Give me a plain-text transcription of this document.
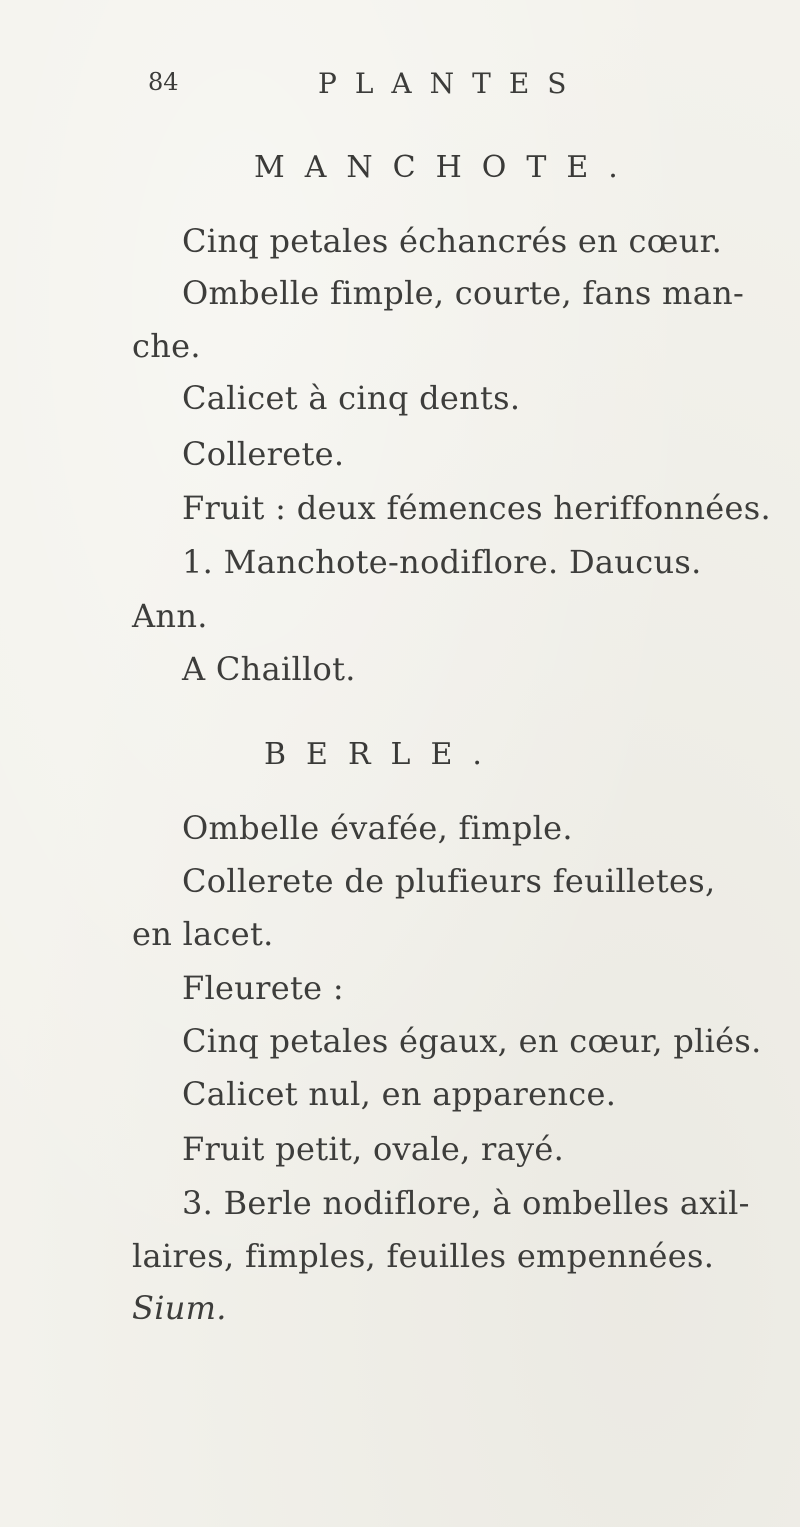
84	PLANTES
MANCHOTE.
Cinq petales échancrés en cœur.
Ombelle fimple, courte, fans man-
che.
Calicet à cinq dents.
Collerete.
Fruit : deux fémences heriffonnées.
1. Manchote-nodiflore. Daucus.
Ann.
A Chaillot.
BERLE.
Ombelle évafée, fimple.
Collerete de plufieurs feuilletes,
en lacet.
Fleurete :
Cinq petales égaux, en cœur, pliés.
Calicet nul, en apparence.
Fruit petit, ovale, rayé.
3. Berle nodiflore, à ombelles axil-
laires, fimples, feuilles empennées.
Sium.
